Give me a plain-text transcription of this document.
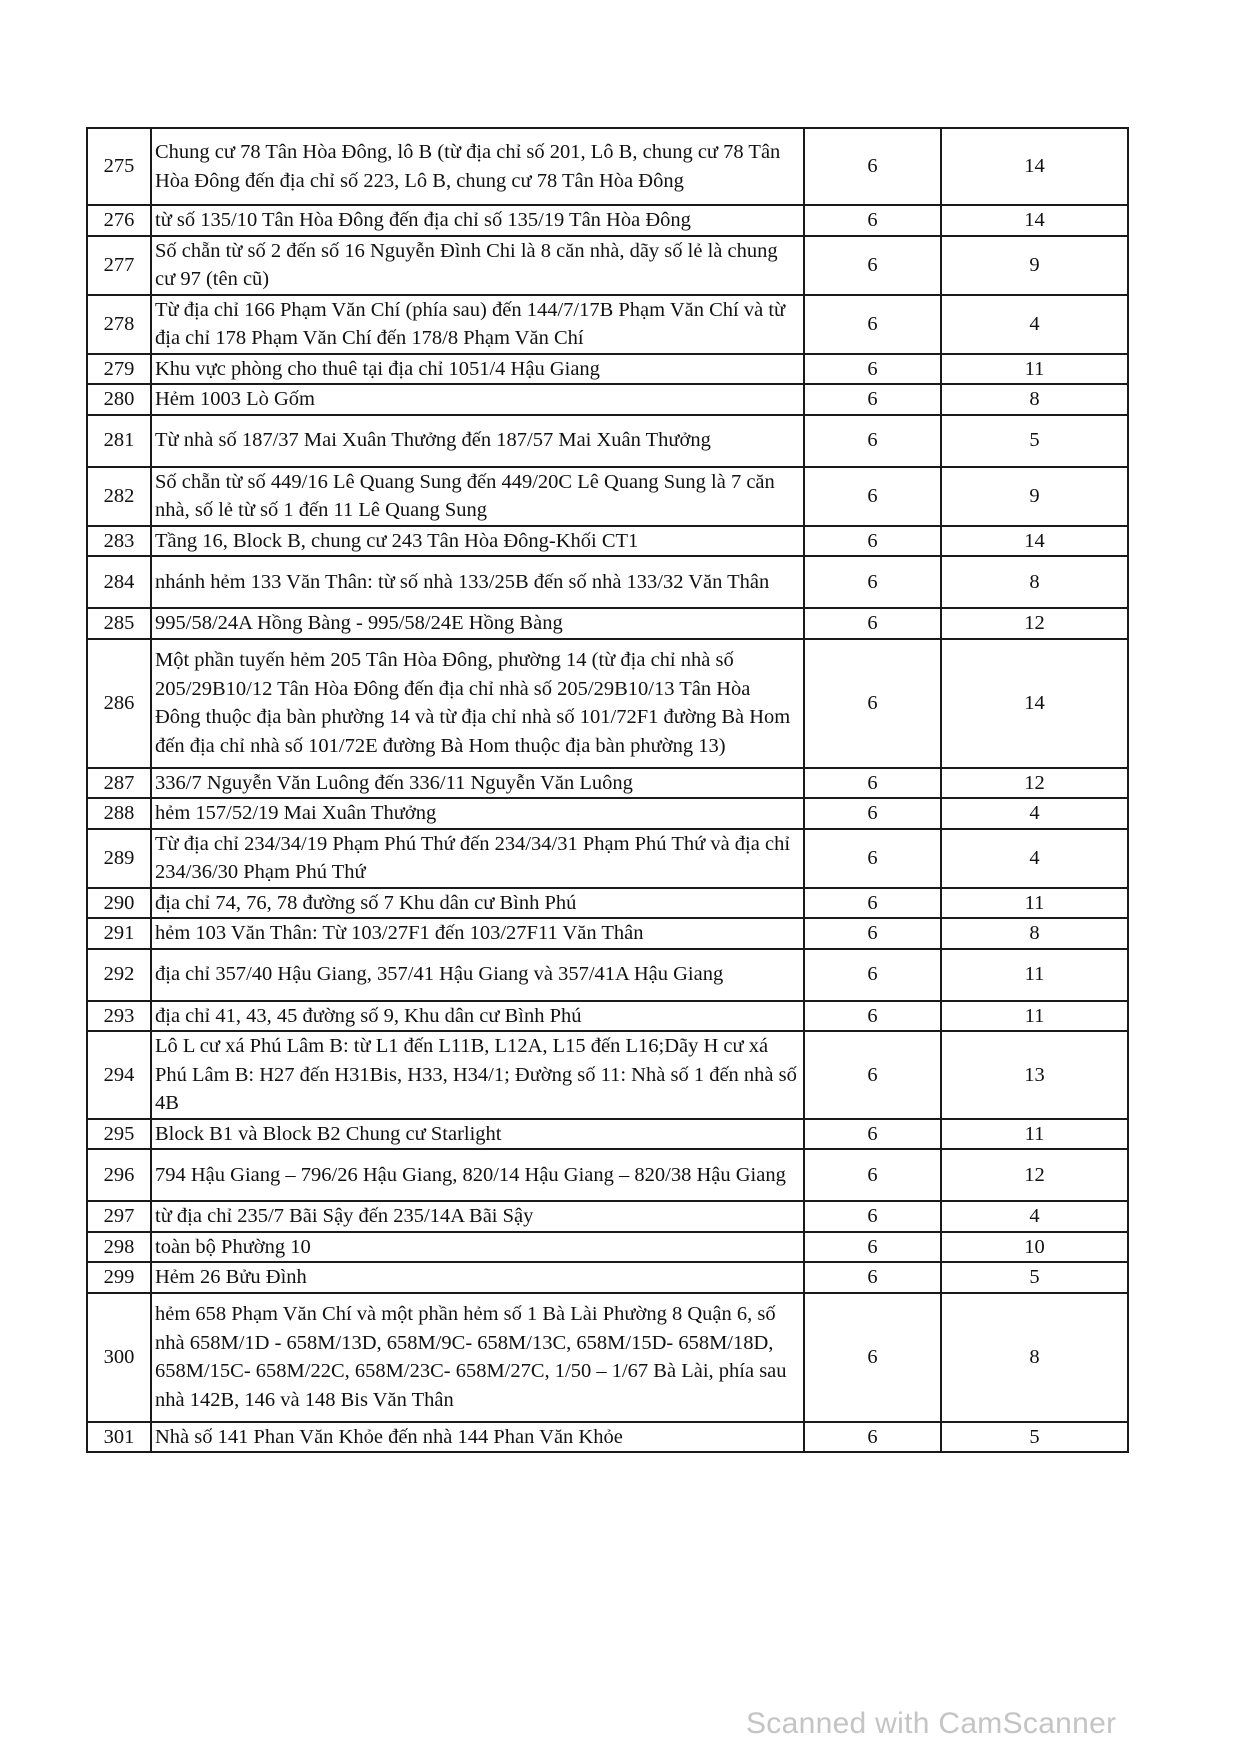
275	Chung cư 78 Tân Hòa Đông, lô B (từ địa chỉ số 201, Lô B, chung cư 78 Tân Hòa Đông đến địa chỉ số 223, Lô B, chung cư 78 Tân Hòa Đông	6	14
276	từ số 135/10 Tân Hòa Đông đến địa chỉ số 135/19 Tân Hòa Đông	6	14
277	Số chẵn từ số 2 đến số 16 Nguyễn Đình Chi là 8 căn nhà, dãy số lẻ là chung cư 97 (tên cũ)	6	9
278	Từ địa chỉ 166 Phạm Văn Chí (phía sau) đến 144/7/17B Phạm Văn Chí và từ địa chỉ 178 Phạm Văn Chí đến 178/8 Phạm Văn Chí	6	4
279	Khu vực phòng cho thuê tại địa chỉ 1051/4 Hậu Giang	6	11
280	Hẻm 1003 Lò Gốm	6	8
281	Từ nhà số 187/37 Mai Xuân Thưởng đến 187/57 Mai Xuân Thưởng	6	5
282	Số chẵn từ số 449/16 Lê Quang Sung đến 449/20C Lê Quang Sung là 7 căn nhà, số lẻ từ số 1 đến 11 Lê Quang Sung	6	9
283	Tầng 16, Block B, chung cư 243 Tân Hòa Đông-Khối CT1	6	14
284	nhánh hẻm 133 Văn Thân: từ số nhà 133/25B đến số nhà 133/32 Văn Thân	6	8
285	995/58/24A Hồng Bàng - 995/58/24E Hồng Bàng	6	12
286	Một phần tuyến hẻm 205 Tân Hòa Đông, phường 14 (từ địa chỉ nhà số 205/29B10/12 Tân Hòa Đông đến địa chỉ nhà số 205/29B10/13 Tân Hòa Đông thuộc địa bàn phường 14 và từ địa chỉ nhà số 101/72F1 đường Bà Hom đến địa chỉ nhà số 101/72E đường Bà Hom thuộc địa bàn phường 13)	6	14
287	336/7 Nguyễn Văn Luông đến 336/11 Nguyễn Văn Luông	6	12
288	hẻm 157/52/19 Mai Xuân Thưởng	6	4
289	Từ địa chỉ 234/34/19 Phạm Phú Thứ đến 234/34/31 Phạm Phú Thứ và địa chỉ 234/36/30 Phạm Phú Thứ	6	4
290	địa chỉ 74, 76, 78 đường số 7 Khu dân cư Bình Phú	6	11
291	hẻm 103 Văn Thân: Từ 103/27F1 đến 103/27F11 Văn Thân	6	8
292	địa chỉ 357/40 Hậu Giang, 357/41 Hậu Giang và 357/41A Hậu Giang	6	11
293	địa chỉ 41, 43, 45 đường số 9, Khu dân cư Bình Phú	6	11
294	Lô L cư xá Phú Lâm B: từ L1 đến L11B, L12A, L15 đến L16;Dãy H cư xá Phú Lâm B: H27 đến H31Bis, H33, H34/1; Đường số 11: Nhà số 1 đến nhà số 4B	6	13
295	Block B1 và Block B2 Chung cư Starlight	6	11
296	794 Hậu Giang – 796/26 Hậu Giang, 820/14 Hậu Giang – 820/38 Hậu Giang	6	12
297	từ địa chỉ 235/7 Bãi Sậy đến 235/14A Bãi Sậy	6	4
298	toàn bộ Phường 10	6	10
299	Hẻm 26 Bửu Đình	6	5
300	hẻm 658 Phạm Văn Chí và một phần hẻm số 1 Bà Lài Phường 8 Quận 6, số nhà 658M/1D - 658M/13D, 658M/9C- 658M/13C, 658M/15D- 658M/18D, 658M/15C- 658M/22C, 658M/23C- 658M/27C, 1/50 – 1/67 Bà Lài, phía sau nhà 142B, 146 và 148 Bis Văn Thân	6	8
301	Nhà số 141 Phan Văn Khỏe đến nhà 144 Phan Văn Khỏe	6	5
Scanned with CamScanner
